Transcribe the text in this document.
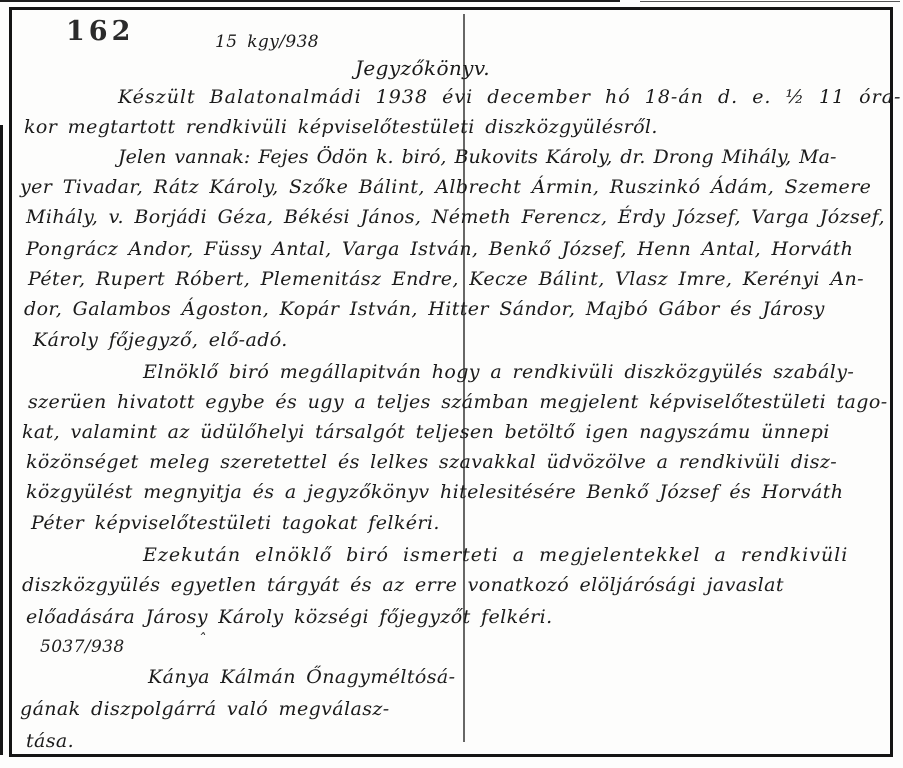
162	15 kgy/938
Jegyzőkönyv.
Készült Balatonalmádi 1938 évi december hó 18-án d. e. ½ 11 óra-
kor megtartott rendkivüli képviselőtestületi diszközgyülésről.
Jelen vannak: Fejes Ödön k. biró, Bukovits Károly, dr. Drong Mihály, Ma-
yer Tivadar, Rátz Károly, Szőke Bálint, Albrecht Ármin, Ruszinkó Ádám, Szemere
Mihály, v. Borjádi Géza, Békési János, Németh Ferencz, Érdy József, Varga József,
Pongrácz Andor, Füssy Antal, Varga István, Benkő József, Henn Antal, Horváth
Péter, Rupert Róbert, Plemenitász Endre, Kecze Bálint, Vlasz Imre, Kerényi An-
dor, Galambos Ágoston, Kopár István, Hitter Sándor, Majbó Gábor és Járosy
Károly főjegyző, elő-adó.
Elnöklő biró megállapitván hogy a rendkivüli diszközgyülés szabály-
szerüen hivatott egybe és ugy a teljes számban megjelent képviselőtestületi tago-
kat, valamint az üdülőhelyi társalgót teljesen betöltő igen nagyszámu ünnepi
közönséget meleg szeretettel és lelkes szavakkal üdvözölve a rendkivüli disz-
közgyülést megnyitja és a jegyzőkönyv hitelesitésére Benkő József és Horváth
Péter képviselőtestületi tagokat felkéri.
Ezekután elnöklő biró ismerteti a megjelentekkel a rendkivüli
diszközgyülés egyetlen tárgyát és az erre vonatkozó elöljárósági javaslat
előadására Járosy Károly községi főjegyzőt felkéri.
5037/938	ˆ
Kánya Kálmán Őnagyméltósá-
gának diszpolgárrá való megválasz-
tása.
